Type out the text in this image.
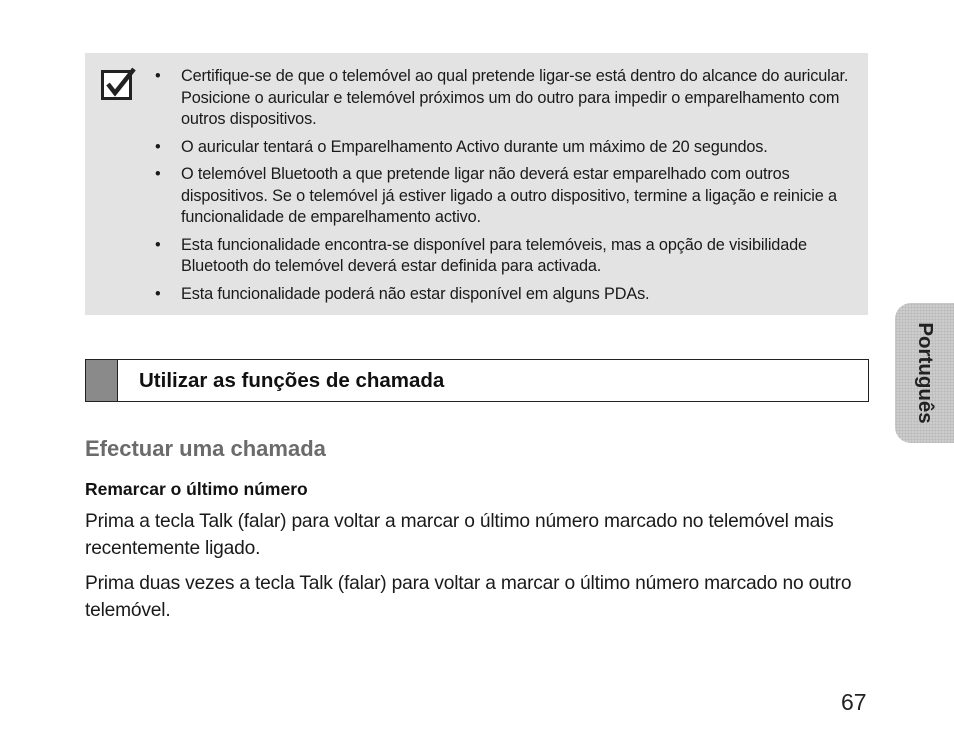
• Certifique-se de que o telemóvel ao qual pretende ligar-se está dentro do alcance do auricular. Posicione o auricular e telemóvel próximos um do outro para impedir o emparelhamento com outros dispositivos.
• O auricular tentará o Emparelhamento Activo durante um máximo de 20 segundos.
• O telemóvel Bluetooth a que pretende ligar não deverá estar emparelhado com outros dispositivos. Se o telemóvel já estiver ligado a outro dispositivo, termine a ligação e reinicie a funcionalidade de emparelhamento activo.
• Esta funcionalidade encontra-se disponível para telemóveis, mas a opção de visibilidade Bluetooth do telemóvel deverá estar definida para activada.
• Esta funcionalidade poderá não estar disponível em alguns PDAs.
Utilizar as funções de chamada	Português
Efectuar uma chamada
Remarcar o último número
Prima a tecla Talk (falar) para voltar a marcar o último número marcado no telemóvel mais recentemente ligado.
Prima duas vezes a tecla Talk (falar) para voltar a marcar o último número marcado no outro telemóvel.
67
